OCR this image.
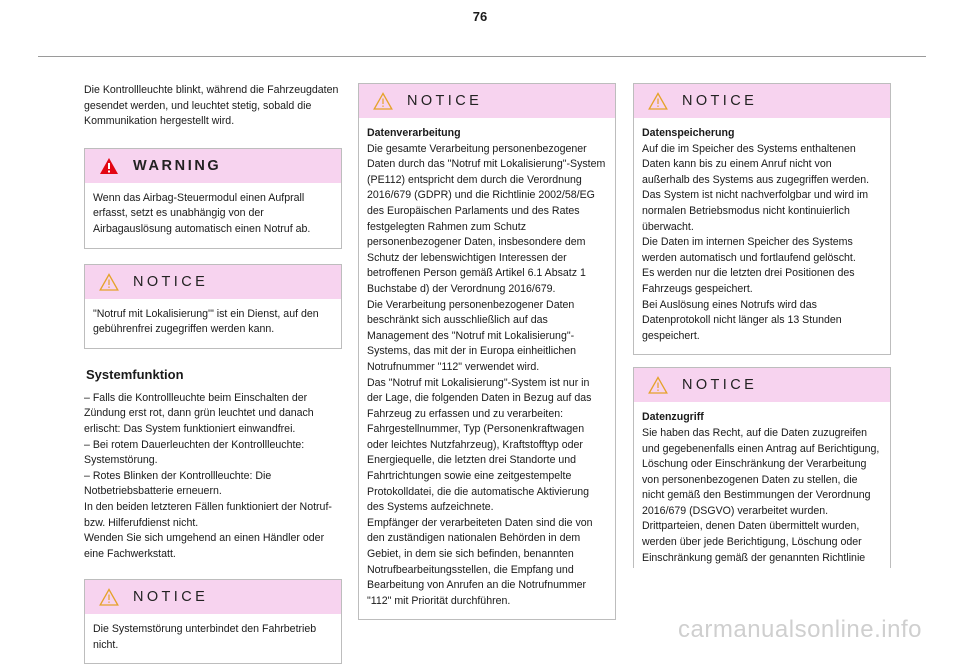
76

Die Kontrollleuchte blinkt, während die Fahrzeugdaten gesendet werden, und leuchtet stetig, sobald die Kommunikation hergestellt wird.

WARNING

Wenn das Airbag-Steuermodul einen Aufprall erfasst, setzt es unabhängig von der Airbagauslösung automatisch einen Notruf ab.

NOTICE

"Notruf mit Lokalisierung'" ist ein Dienst, auf den gebührenfrei zugegriffen werden kann.

Systemfunktion

– Falls die Kontrollleuchte beim Einschalten der Zündung erst rot, dann grün leuchtet und danach erlischt: Das System funktioniert einwandfrei.

– Bei rotem Dauerleuchten der Kontrollleuchte: Systemstörung.

– Rotes Blinken der Kontrollleuchte: Die Notbetriebsbatterie erneuern.

In den beiden letzteren Fällen funktioniert der Notruf- bzw. Hilferufdienst nicht.

Wenden Sie sich umgehend an einen Händler oder eine Fachwerkstatt.

NOTICE

Die Systemstörung unterbindet den Fahrbetrieb nicht.

NOTICE

Datenverarbeitung

Die gesamte Verarbeitung personenbezogener Daten durch das "Notruf mit Lokalisierung"-System (PE112) entspricht dem durch die Verordnung 2016/679 (GDPR) und die Richtlinie 2002/58/EG des Europäischen Parlaments und des Rates festgelegten Rahmen zum Schutz personenbezogener Daten, insbesondere dem Schutz der lebenswichtigen Interessen der betroffenen Person gemäß Artikel 6.1 Absatz 1 Buchstabe d) der Verordnung 2016/679.

Die Verarbeitung personenbezogener Daten beschränkt sich ausschließlich auf das Management des "Notruf mit Lokalisierung"-Systems, das mit der in Europa einheitlichen Notrufnummer "112" verwendet wird.

Das "Notruf mit Lokalisierung"-System ist nur in der Lage, die folgenden Daten in Bezug auf das Fahrzeug zu erfassen und zu verarbeiten: Fahrgestellnummer, Typ (Personenkraftwagen oder leichtes Nutzfahrzeug), Kraftstofftyp oder Energiequelle, die letzten drei Standorte und Fahrtrichtungen sowie eine zeitgestempelte Protokolldatei, die die automatische Aktivierung des Systems aufzeichnete.

Empfänger der verarbeiteten Daten sind die von den zuständigen nationalen Behörden in dem Gebiet, in dem sie sich befinden, benannten Notrufbearbeitungsstellen, die Empfang und Bearbeitung von Anrufen an die Notrufnummer "112" mit Priorität durchführen.

NOTICE

Datenspeicherung

Auf die im Speicher des Systems enthaltenen Daten kann bis zu einem Anruf nicht von außerhalb des Systems aus zugegriffen werden. Das System ist nicht nachverfolgbar und wird im normalen Betriebsmodus nicht kontinuierlich überwacht.

Die Daten im internen Speicher des Systems werden automatisch und fortlaufend gelöscht.

Es werden nur die letzten drei Positionen des Fahrzeugs gespeichert.

Bei Auslösung eines Notrufs wird das Datenprotokoll nicht länger als 13 Stunden gespeichert.

NOTICE

Datenzugriff

Sie haben das Recht, auf die Daten zuzugreifen und gegebenenfalls einen Antrag auf Berichtigung, Löschung oder Einschränkung der Verarbeitung von personenbezogenen Daten zu stellen, die nicht gemäß den Bestimmungen der Verordnung 2016/679 (DSGVO) verarbeitet wurden.

Drittparteien, denen Daten übermittelt wurden, werden über jede Berichtigung, Löschung oder Einschränkung gemäß der genannten Richtlinie

carmanualsonline.info
